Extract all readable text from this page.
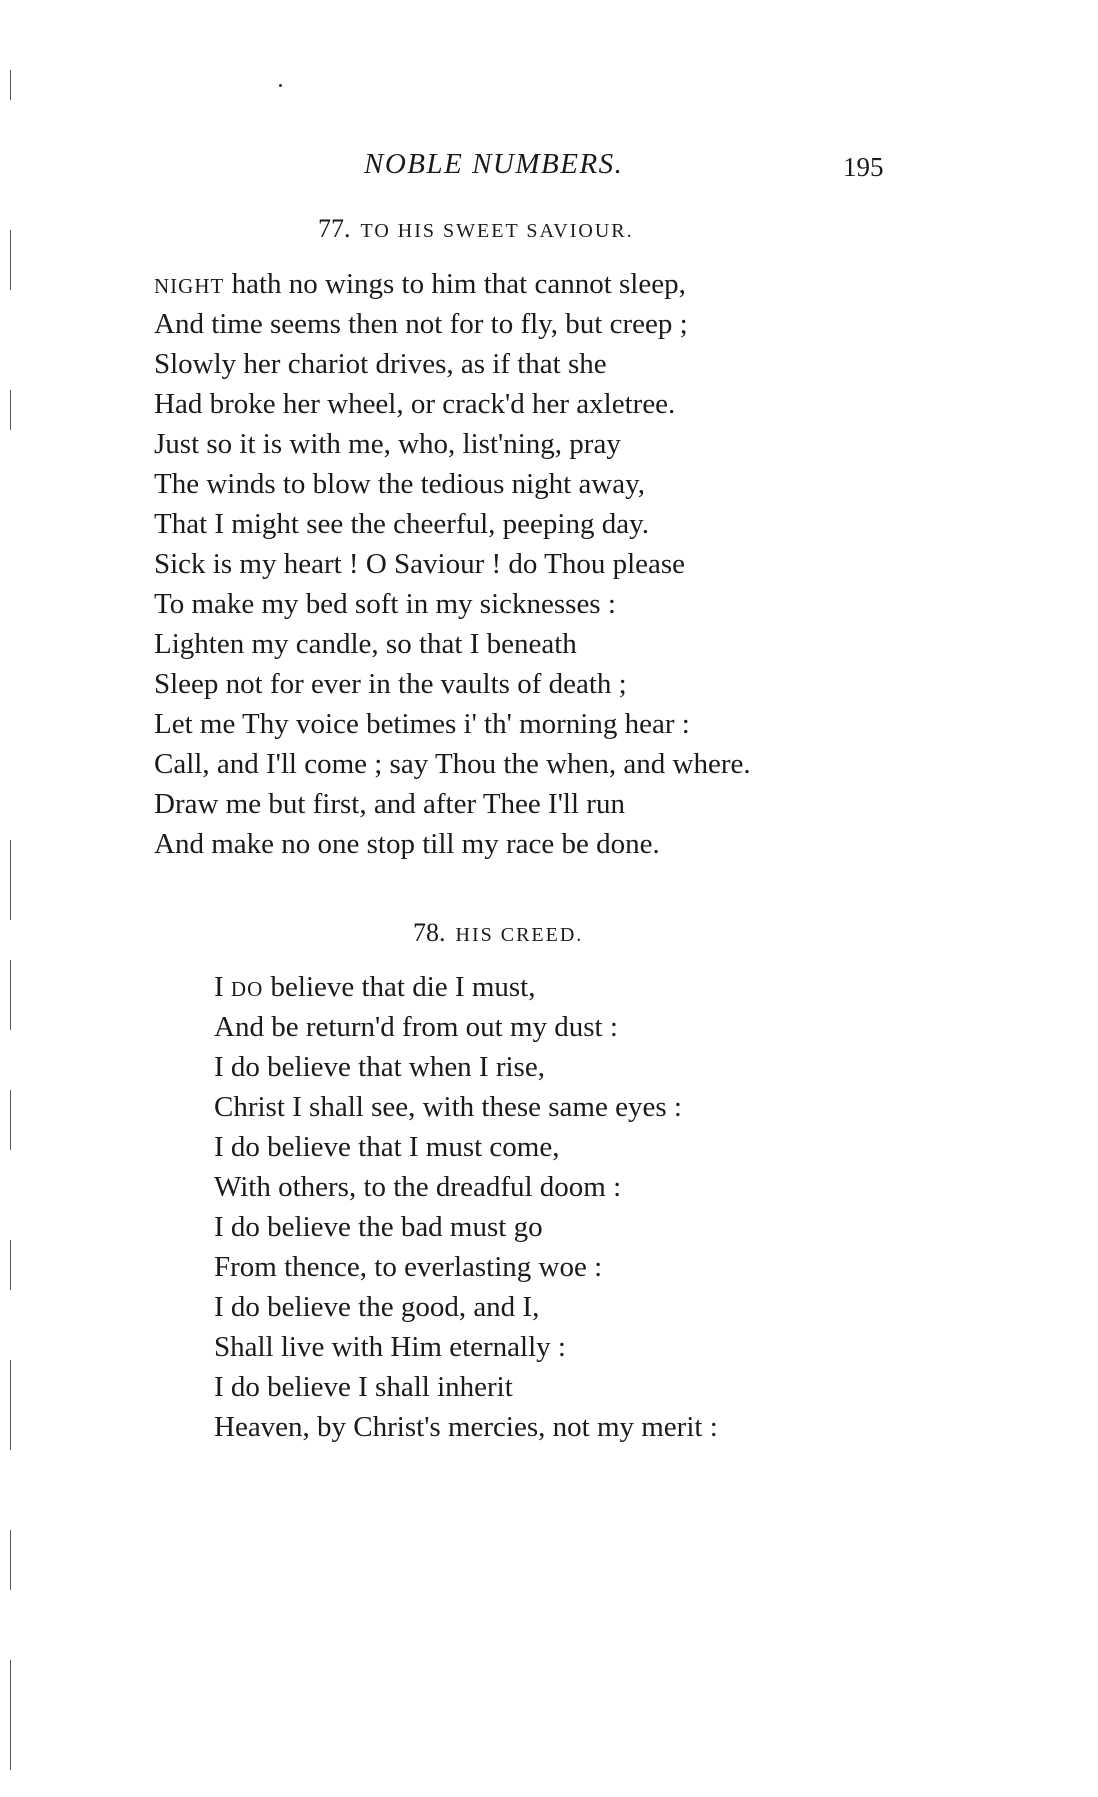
NOBLE NUMBERS.	195
77. TO HIS SWEET SAVIOUR.
NIGHT hath no wings to him that cannot sleep,
And time seems then not for to fly, but creep ;
Slowly her chariot drives, as if that she
Had broke her wheel, or crack'd her axletree.
Just so it is with me, who, list'ning, pray
The winds to blow the tedious night away,
That I might see the cheerful, peeping day.
Sick is my heart ! O Saviour ! do Thou please
To make my bed soft in my sicknesses :
Lighten my candle, so that I beneath
Sleep not for ever in the vaults of death ;
Let me Thy voice betimes i' th' morning hear :
Call, and I'll come ; say Thou the when, and where.
Draw me but first, and after Thee I'll run
And make no one stop till my race be done.
78. HIS CREED.
I DO believe that die I must,
And be return'd from out my dust :
I do believe that when I rise,
Christ I shall see, with these same eyes :
I do believe that I must come,
With others, to the dreadful doom :
I do believe the bad must go
From thence, to everlasting woe :
I do believe the good, and I,
Shall live with Him eternally :
I do believe I shall inherit
Heaven, by Christ's mercies, not my merit :
